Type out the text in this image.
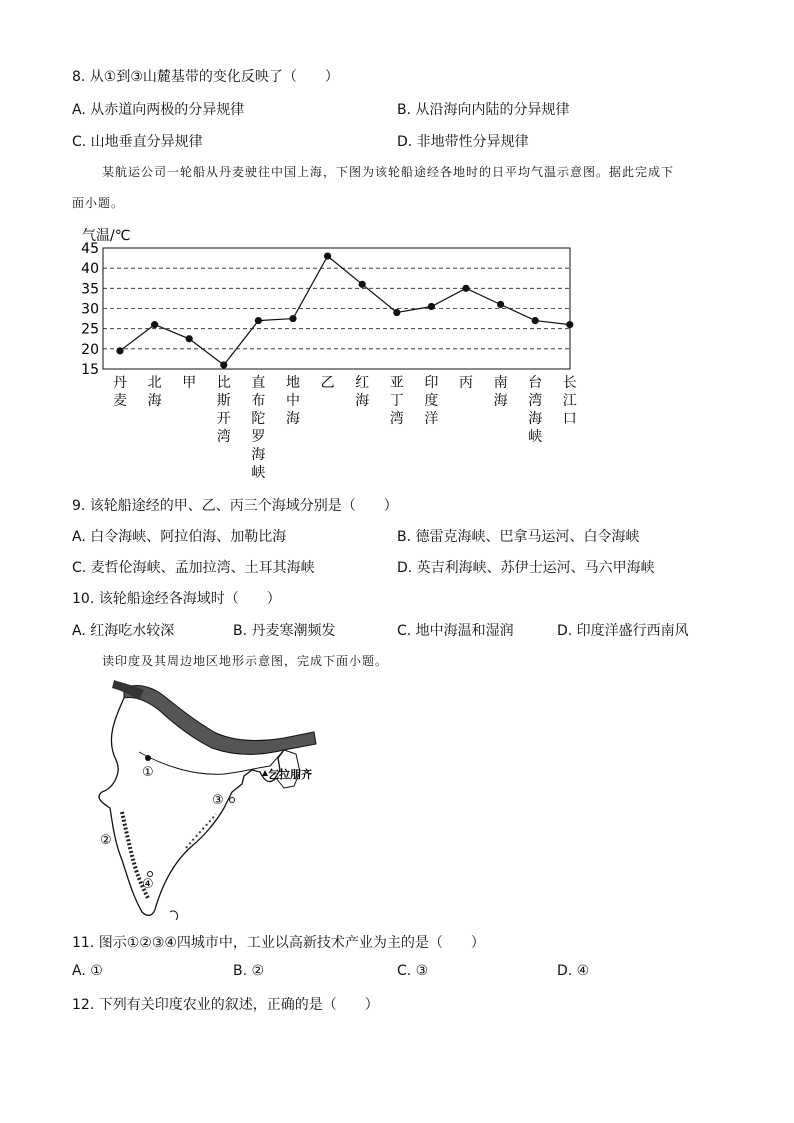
8. 从①到③山麓基带的变化反映了（　　）
A. 从赤道向两极的分异规律	B. 从沿海向内陆的分异规律
C. 山地垂直分异规律	D. 非地带性分异规律
某航运公司一轮船从丹麦驶往中国上海，下图为该轮船途经各地时的日平均气温示意图。据此完成下
面小题。
气温/℃
15
20
25
30
35
40
45
丹麦
北海
甲 比斯开湾
直布陀罗海峡
地中海
乙 红海
亚丁湾
印度洋
丙 南海
台湾海峡
长江口
9. 该轮船途经的甲、乙、丙三个海域分别是（　　）
A. 白令海峡、阿拉伯海、加勒比海	B. 德雷克海峡、巴拿马运河、白令海峡
C. 麦哲伦海峡、孟加拉湾、土耳其海峡	D. 英吉利海峡、苏伊士运河、马六甲海峡
10. 该轮船途经各海域时（　　）
A. 红海吃水较深	B. 丹麦寒潮频发	C. 地中海温和湿润	D. 印度洋盛行西南风
读印度及其周边地区地形示意图，完成下面小题。
①
②
③
④
乞拉朋齐
11. 图示①②③④四城市中，工业以高新技术产业为主的是（　　）
A. ①	B. ②	C. ③	D. ④
12. 下列有关印度农业的叙述，正确的是（　　）
